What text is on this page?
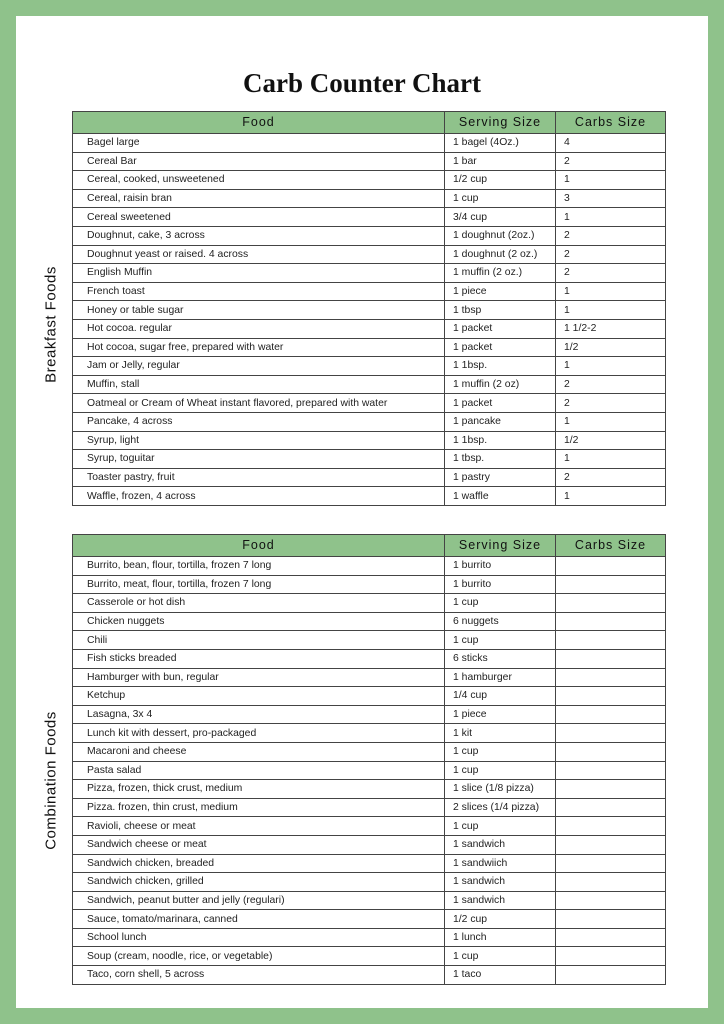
Carb Counter Chart
Breakfast Foods
Food	Serving Size	Carbs Size
Bagel large	1 bagel (4Oz.)	4
Cereal Bar	1 bar	2
Cereal, cooked, unsweetened	1/2 cup	1
Cereal, raisin bran	1 cup	3
Cereal sweetened	3/4 cup	1
Doughnut, cake, 3 across	1 doughnut (2oz.)	2
Doughnut yeast or raised. 4 across	1 doughnut (2 oz.)	2
English Muffin	1 muffin (2 oz.)	2
French toast	1 piece	1
Honey or table sugar	1 tbsp	1
Hot cocoa. regular	1 packet	1 1/2-2
Hot cocoa, sugar free, prepared with water	1 packet	1/2
Jam or Jelly, regular	1 1bsp.	1
Muffin, stall	1 muffin (2 oz)	2
Oatmeal or Cream of Wheat instant flavored, prepared with water	1 packet	2
Pancake, 4 across	1 pancake	1
Syrup, light	1 1bsp.	1/2
Syrup, toguitar	1 tbsp.	1
Toaster pastry, fruit	1 pastry	2
Waffle, frozen, 4 across	1 waffle	1
Combination Foods
Food	Serving Size	Carbs Size
Burrito, bean, flour, tortilla, frozen 7 long	1 burrito	
Burrito, meat, flour, tortilla, frozen 7 long	1 burrito	
Casserole or hot dish	1 cup	
Chicken nuggets	6 nuggets	
Chili	1 cup	
Fish sticks breaded	6 sticks	
Hamburger with bun, regular	1 hamburger	
Ketchup	1/4 cup	
Lasagna, 3x 4	1 piece	
Lunch kit with dessert, pro-packaged	1 kit	
Macaroni and cheese	1 cup	
Pasta salad	1 cup	
Pizza, frozen, thick crust, medium	1 slice (1/8 pizza)	
Pizza. frozen, thin crust, medium	2 slices (1/4 pizza)	
Ravioli, cheese or meat	1 cup	
Sandwich cheese or meat	1 sandwich	
Sandwich chicken, breaded	1 sandwiich	
Sandwich chicken, grilled	1 sandwich	
Sandwich, peanut butter and jelly (regulari)	1 sandwich	
Sauce, tomato/marinara, canned	1/2 cup	
School lunch	1 lunch	
Soup (cream, noodle, rice, or vegetable)	1 cup	
Taco, corn shell, 5 across	1 taco	
